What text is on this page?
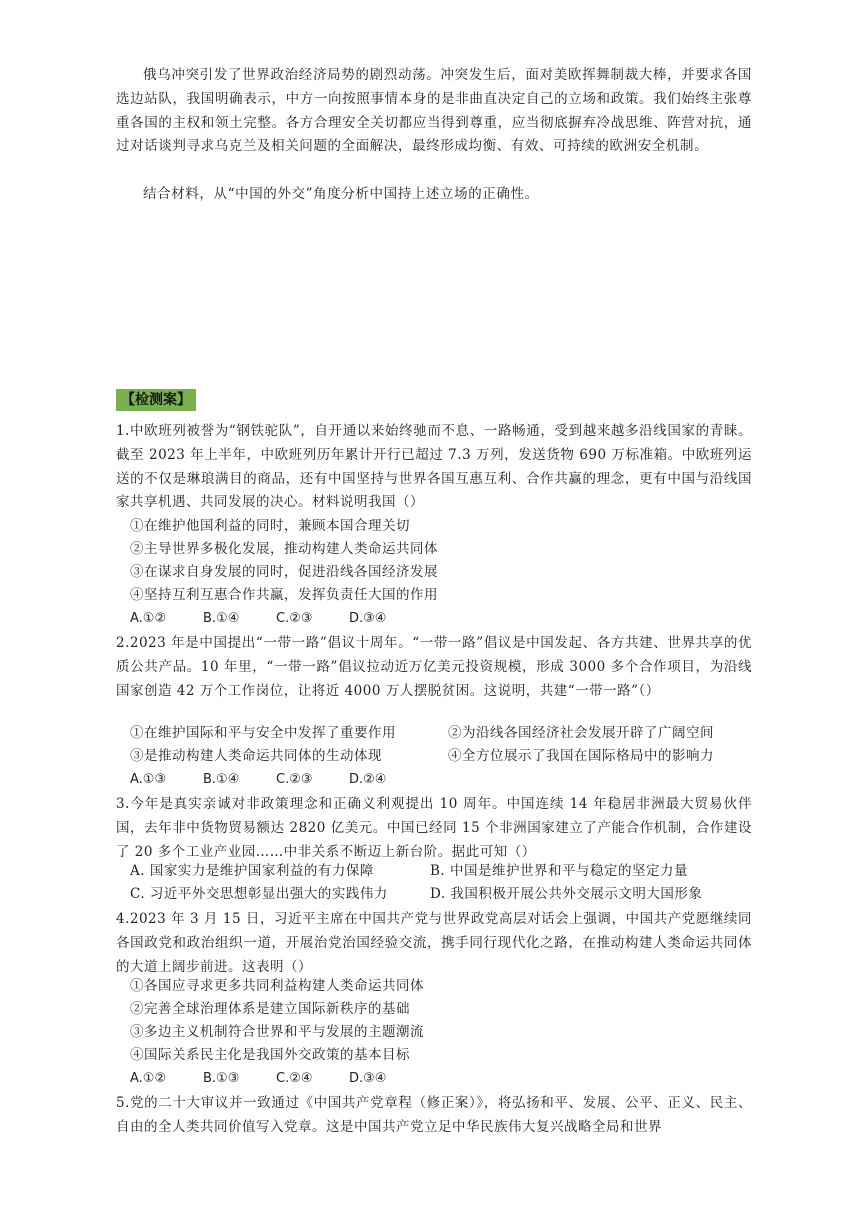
俄乌冲突引发了世界政治经济局势的剧烈动荡。冲突发生后，面对美欧挥舞制裁大棒，并要求各国选边站队，我国明确表示，中方一向按照事情本身的是非曲直决定自己的立场和政策。我们始终主张尊重各国的主权和领土完整。各方合理安全关切都应当得到尊重，应当彻底摒弃冷战思维、阵营对抗，通过对话谈判寻求乌克兰及相关问题的全面解决，最终形成均衡、有效、可持续的欧洲安全机制。
结合材料，从“中国的外交”角度分析中国持上述立场的正确性。
【检测案】
1.中欧班列被誉为“钢铁驼队”，自开通以来始终驰而不息、一路畅通，受到越来越多沿线国家的青睐。截至 2023 年上半年，中欧班列历年累计开行已超过 7.3 万列，发送货物 690 万标准箱。中欧班列运送的不仅是琳琅满目的商品，还有中国坚持与世界各国互惠互利、合作共赢的理念，更有中国与沿线国家共享机遇、共同发展的决心。材料说明我国（）
①在维护他国利益的同时，兼顾本国合理关切
②主导世界多极化发展，推动构建人类命运共同体
③在谋求自身发展的同时，促进沿线各国经济发展
④坚持互利互惠合作共赢，发挥负责任大国的作用
A.①②	B.①④	C.②③	D.③④
2.2023 年是中国提出“一带一路”倡议十周年。“一带一路”倡议是中国发起、各方共建、世界共享的优质公共产品。10 年里，“一带一路”倡议拉动近万亿美元投资规模，形成 3000 多个合作项目，为沿线国家创造 42 万个工作岗位，让将近 4000 万人摆脱贫困。这说明，共建“一带一路”（）
①在维护国际和平与安全中发挥了重要作用	②为沿线各国经济社会发展开辟了广阔空间
③是推动构建人类命运共同体的生动体现	④全方位展示了我国在国际格局中的影响力
A.①③	B.①④	C.②③	D.②④
3.今年是真实亲诚对非政策理念和正确义利观提出 10 周年。中国连续 14 年稳居非洲最大贸易伙伴国，去年非中货物贸易额达 2820 亿美元。中国已经同 15 个非洲国家建立了产能合作机制，合作建设了 20 多个工业产业园……中非关系不断迈上新台阶。据此可知（）
A. 国家实力是维护国家利益的有力保障	B. 中国是维护世界和平与稳定的坚定力量
C. 习近平外交思想彰显出强大的实践伟力	D. 我国积极开展公共外交展示文明大国形象
4.2023 年 3 月 15 日，习近平主席在中国共产党与世界政党高层对话会上强调，中国共产党愿继续同各国政党和政治组织一道，开展治党治国经验交流，携手同行现代化之路，在推动构建人类命运共同体的大道上阔步前进。这表明（）
①各国应寻求更多共同利益构建人类命运共同体
②完善全球治理体系是建立国际新秩序的基础
③多边主义机制符合世界和平与发展的主题潮流
④国际关系民主化是我国外交政策的基本目标
A.①②	B.①③	C.②④	D.③④
5.党的二十大审议并一致通过《中国共产党章程（修正案）》，将弘扬和平、发展、公平、正义、民主、自由的全人类共同价值写入党章。这是中国共产党立足中华民族伟大复兴战略全局和世界
